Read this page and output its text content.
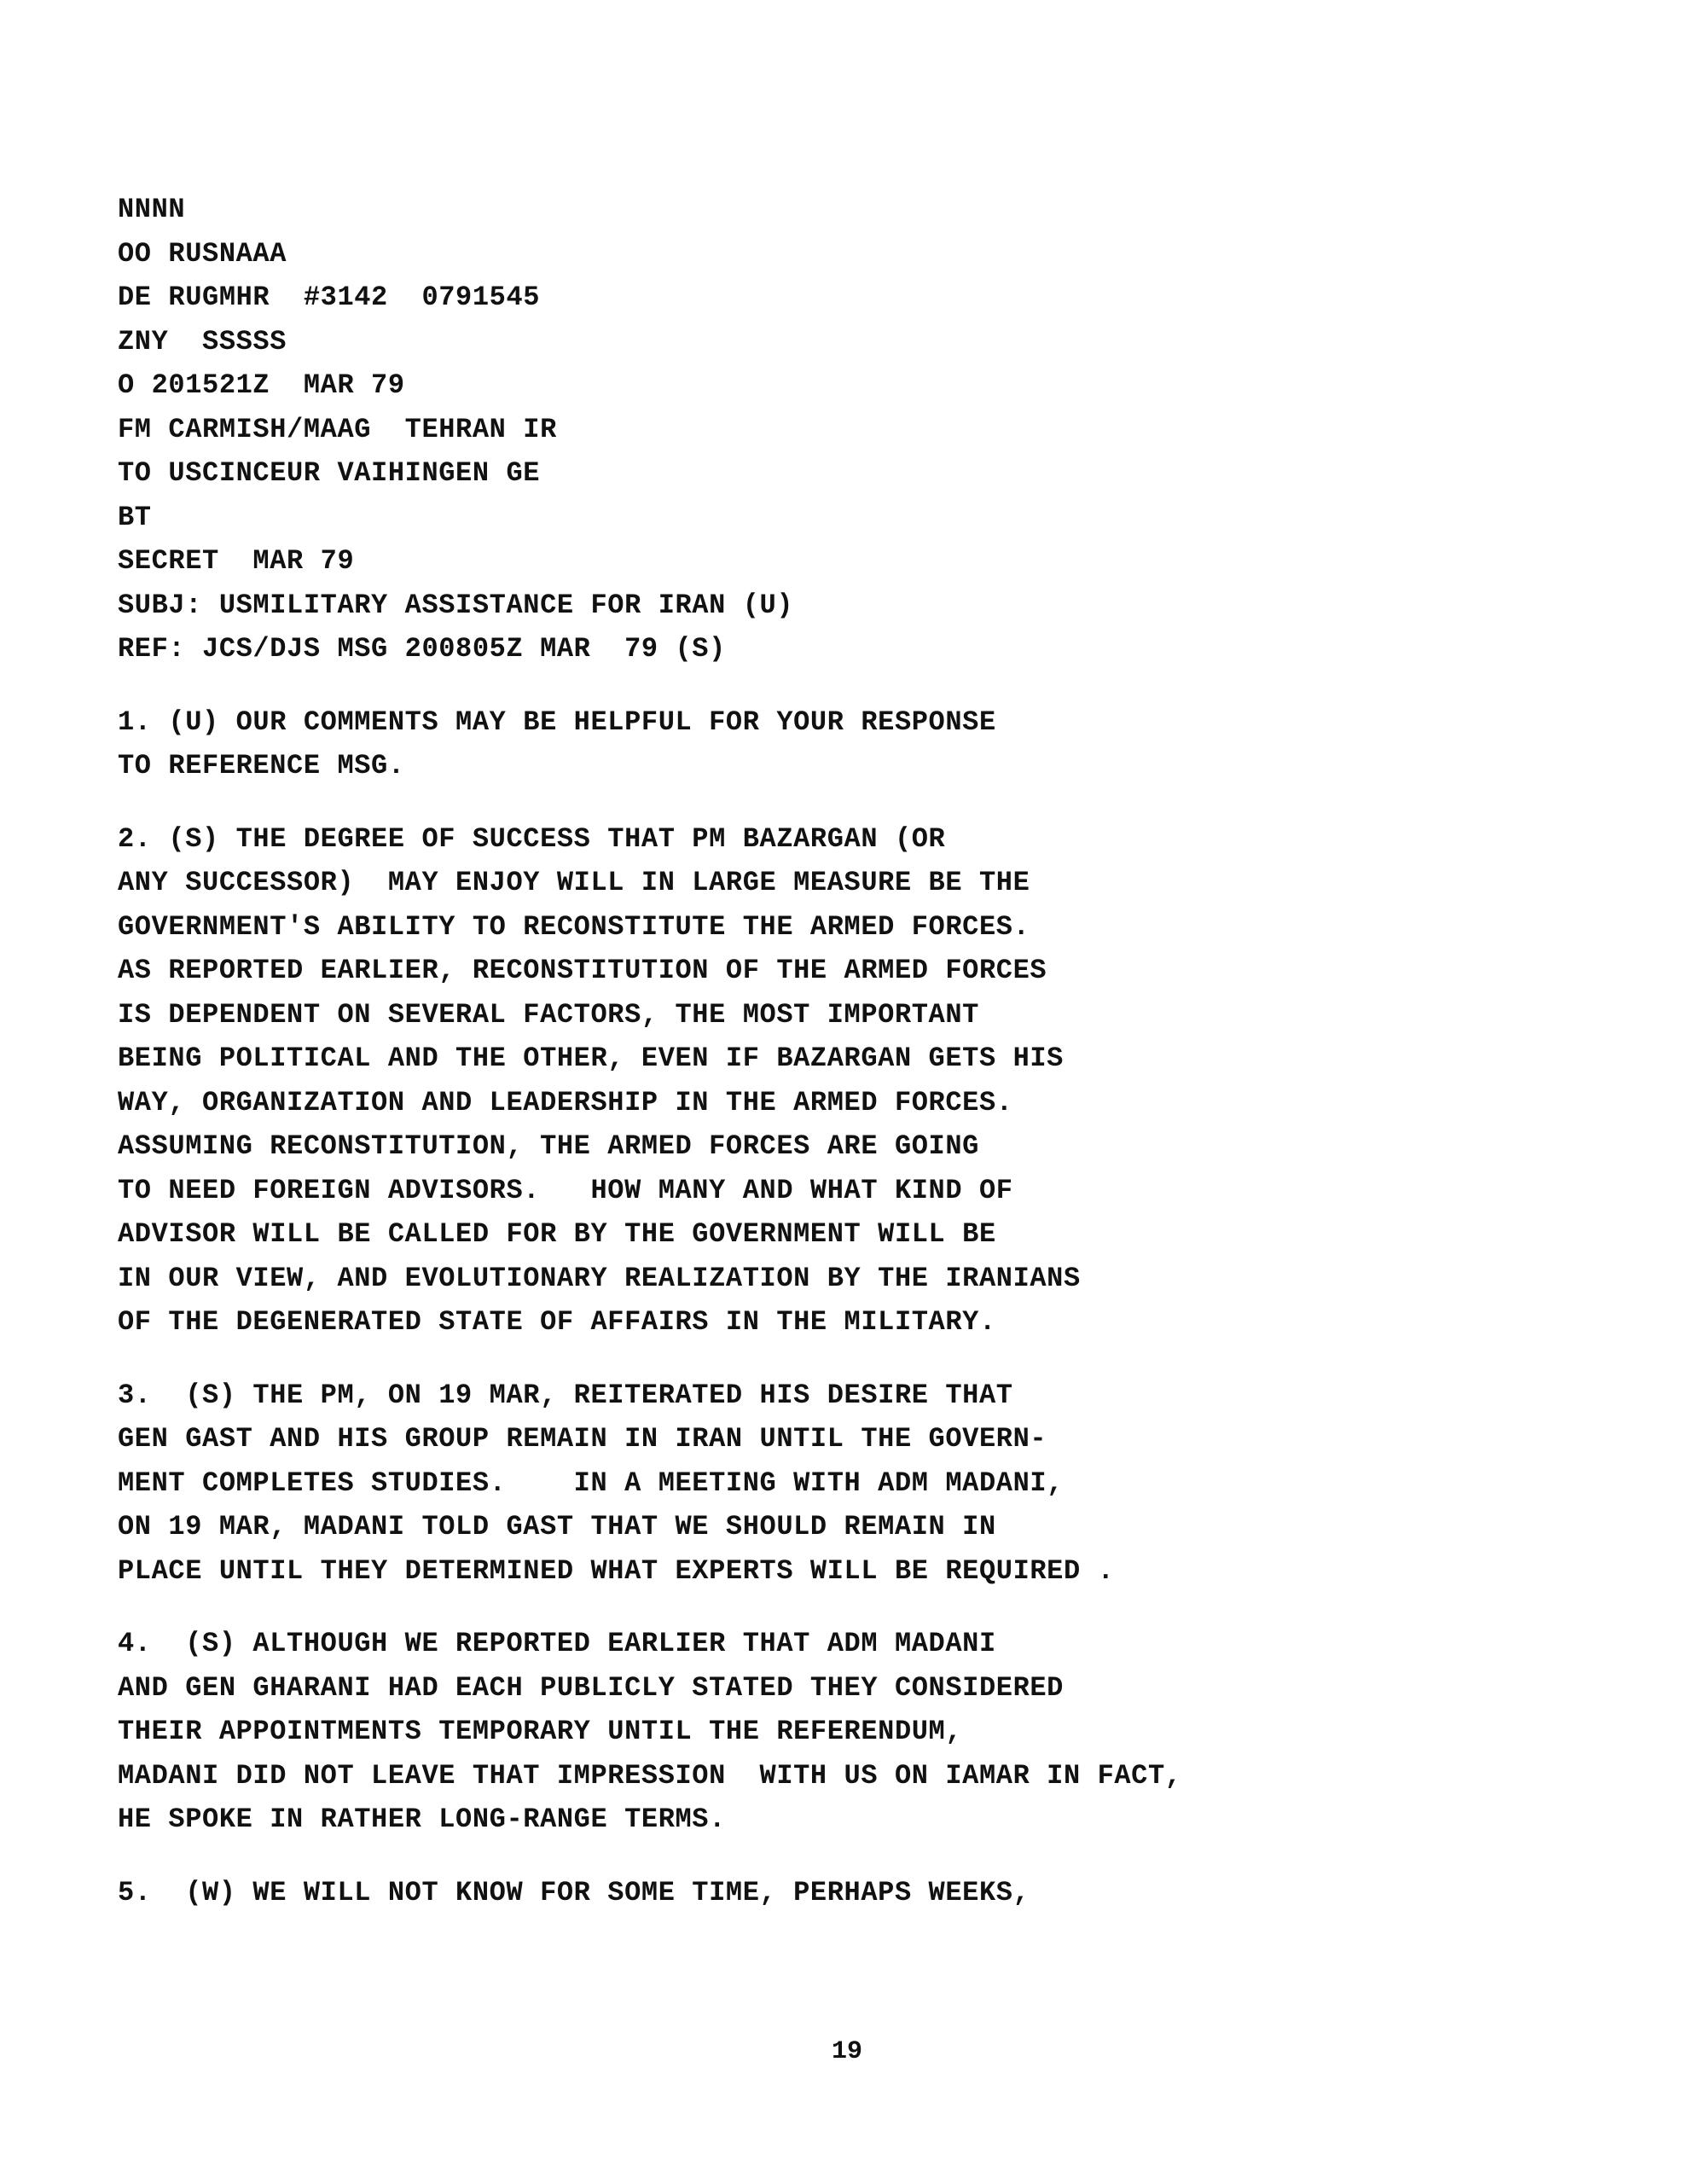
NNNN
OO RUSNAAA
DE RUGMHR  #3142  0791545
ZNY  SSSSS
O 201521Z  MAR 79
FM CARMISH/MAAG  TEHRAN IR
TO USCINCEUR VAIHINGEN GE
BT
SECRET  MAR 79
SUBJ: USMILITARY ASSISTANCE FOR IRAN (U)
REF: JCS/DJS MSG 200805Z MAR  79 (S)
1. (U) OUR COMMENTS MAY BE HELPFUL FOR YOUR RESPONSE
TO REFERENCE MSG.
2. (S) THE DEGREE OF SUCCESS THAT PM BAZARGAN (OR
ANY SUCCESSOR)  MAY ENJOY WILL IN LARGE MEASURE BE THE
GOVERNMENT'S ABILITY TO RECONSTITUTE THE ARMED FORCES.
AS REPORTED EARLIER, RECONSTITUTION OF THE ARMED FORCES
IS DEPENDENT ON SEVERAL FACTORS, THE MOST IMPORTANT
BEING POLITICAL AND THE OTHER, EVEN IF BAZARGAN GETS HIS
WAY, ORGANIZATION AND LEADERSHIP IN THE ARMED FORCES.
ASSUMING RECONSTITUTION, THE ARMED FORCES ARE GOING
TO NEED FOREIGN ADVISORS.   HOW MANY AND WHAT KIND OF
ADVISOR WILL BE CALLED FOR BY THE GOVERNMENT WILL BE
IN OUR VIEW, AND EVOLUTIONARY REALIZATION BY THE IRANIANS
OF THE DEGENERATED STATE OF AFFAIRS IN THE MILITARY.
3.  (S) THE PM, ON 19 MAR, REITERATED HIS DESIRE THAT
GEN GAST AND HIS GROUP REMAIN IN IRAN UNTIL THE GOVERN-
MENT COMPLETES STUDIES.    IN A MEETING WITH ADM MADANI,
ON 19 MAR, MADANI TOLD GAST THAT WE SHOULD REMAIN IN
PLACE UNTIL THEY DETERMINED WHAT EXPERTS WILL BE REQUIRED .
4.  (S) ALTHOUGH WE REPORTED EARLIER THAT ADM MADANI
AND GEN GHARANI HAD EACH PUBLICLY STATED THEY CONSIDERED
THEIR APPOINTMENTS TEMPORARY UNTIL THE REFERENDUM,
MADANI DID NOT LEAVE THAT IMPRESSION  WITH US ON IAMAR IN FACT,
HE SPOKE IN RATHER LONG-RANGE TERMS.
5.  (W) WE WILL NOT KNOW FOR SOME TIME, PERHAPS WEEKS,
19
